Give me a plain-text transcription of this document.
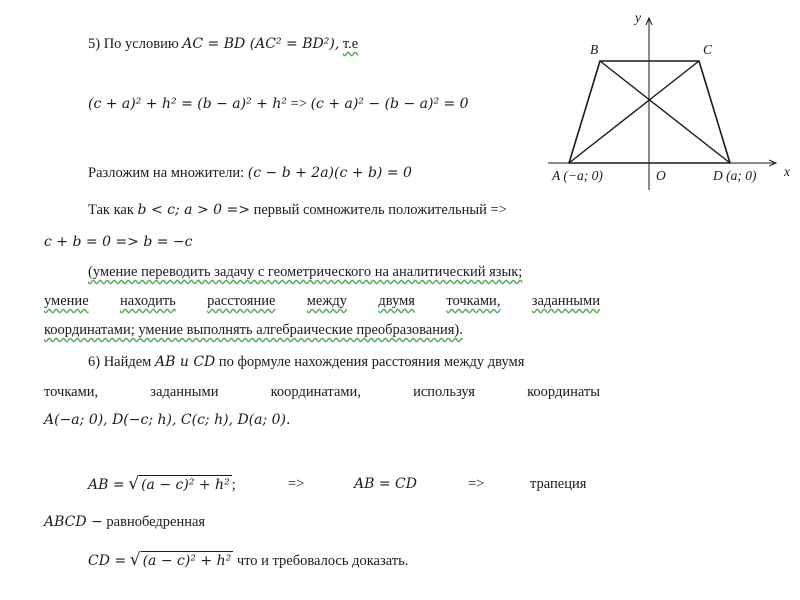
5) По условию AC = BD (AC² = BD²), т.е
(c + a)² + h² = (b − a)² + h² => (c + a)² − (b − a)² = 0
Разложим на множители: (c − b + 2a)(c + b) = 0
Так как b < c; a > 0 => первый сомножитель положительный =>
c + b = 0 => b = −c
(умение переводить задачу с геометрического на аналитический язык;
умение находить расстояние между двумя точками, заданными
координатами; умение выполнять алгебраические преобразования).
6) Найдем AB и CD по формуле нахождения расстояния между двумя
точками,	заданными	координатами,	используя	координаты
A(−a; 0), D(−c; h), C(c; h), D(a; 0).
AB = √ (a − c)² + h² ;	=>	AB = CD	=>	трапеция
ABCD − равнобедренная
CD = √ (a − c)² + h² что и требовалось доказать.
x
y
B	C
A (−a; 0)	O	D (a; 0)
